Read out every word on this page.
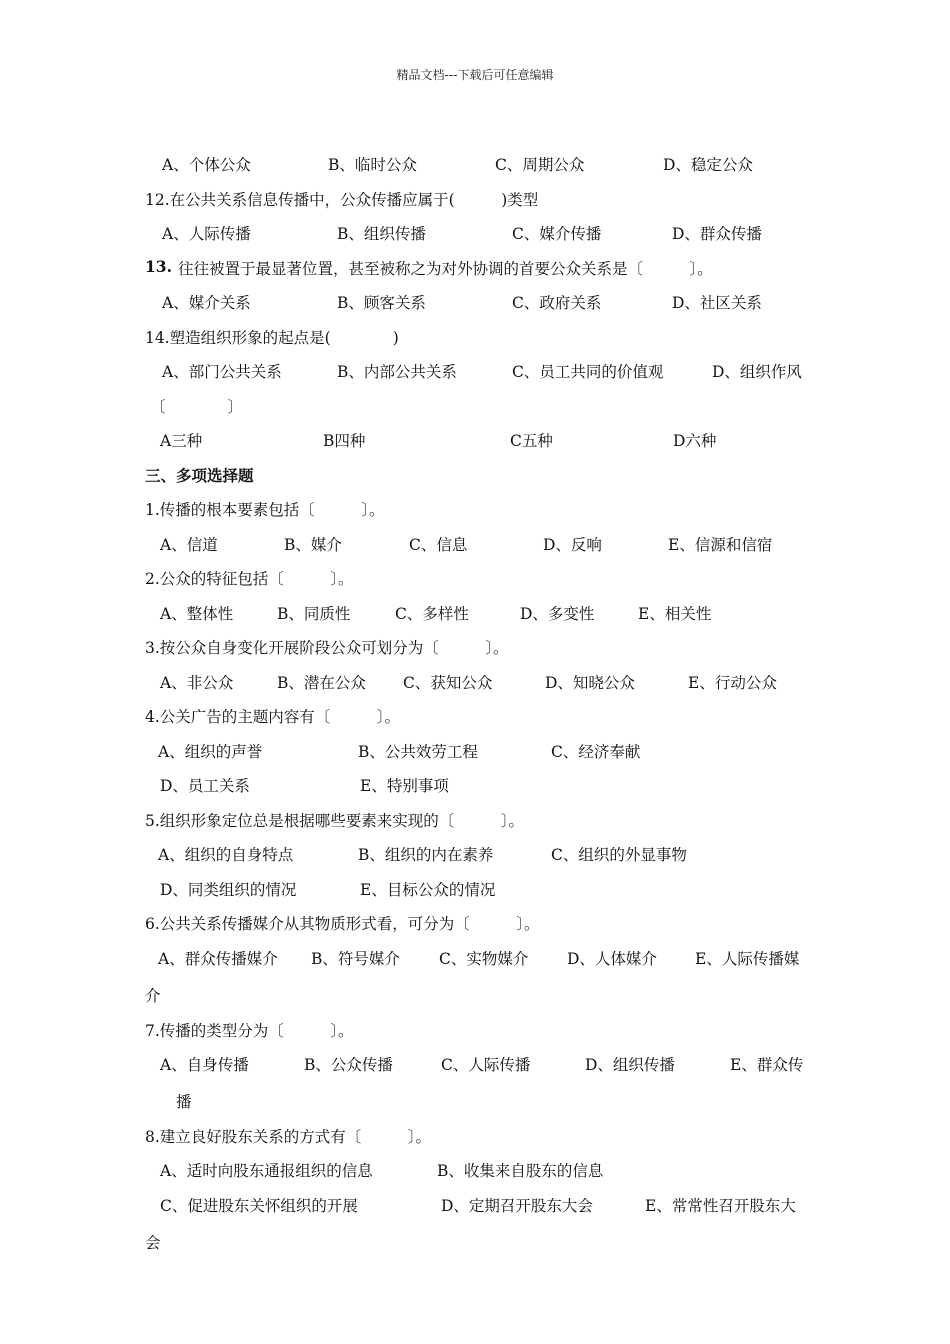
精品文档---下载后可任意编辑
A、个体公众	B、临时公众	C、周期公众	D、稳定公众
12.在公共关系信息传播中，公众传播应属于(　　　)类型
A、人际传播	B、组织传播	C、媒介传播	D、群众传播
13. 往往被置于最显著位置，甚至被称之为对外协调的首要公众关系是〔　　　〕。
A、媒介关系	B、顾客关系	C、政府关系	D、社区关系
14.塑造组织形象的起点是(　　　　)
A、部门公共关系	B、内部公共关系	C、员工共同的价值观	D、组织作风
〔　　　　〕
A三种	B四种	C五种	D六种
三、多项选择题
1.传播的根本要素包括〔　　　〕。
A、信道	B、媒介	C、信息	D、反响	E、信源和信宿
2.公众的特征包括〔　　　〕。
A、整体性	B、同质性	C、多样性	D、多变性	E、相关性
3.按公众自身变化开展阶段公众可划分为〔　　　〕。
A、非公众	B、潜在公众 C、获知公众	D、知晓公众	E、行动公众
4.公关广告的主题内容有〔　　　〕。
A、组织的声誉	B、公共效劳工程	C、经济奉献
D、员工关系	E、特别事项
5.组织形象定位总是根据哪些要素来实现的〔　　　〕。
A、组织的自身特点	B、组织的内在素养	C、组织的外显事物
D、同类组织的情况	E、目标公众的情况
6.公共关系传播媒介从其物质形式看，可分为〔　　　〕。
A、群众传播媒介 B、符号媒介	C、实物媒介 D、人体媒介 E、人际传播媒
介
7.传播的类型分为〔　　　〕。
A、自身传播	B、公众传播	C、人际传播	D、组织传播	E、群众传
播
8.建立良好股东关系的方式有〔　　　〕。
A、适时向股东通报组织的信息	B、收集来自股东的信息
C、促进股东关怀组织的开展	D、定期召开股东大会	E、常常性召开股东大
会
